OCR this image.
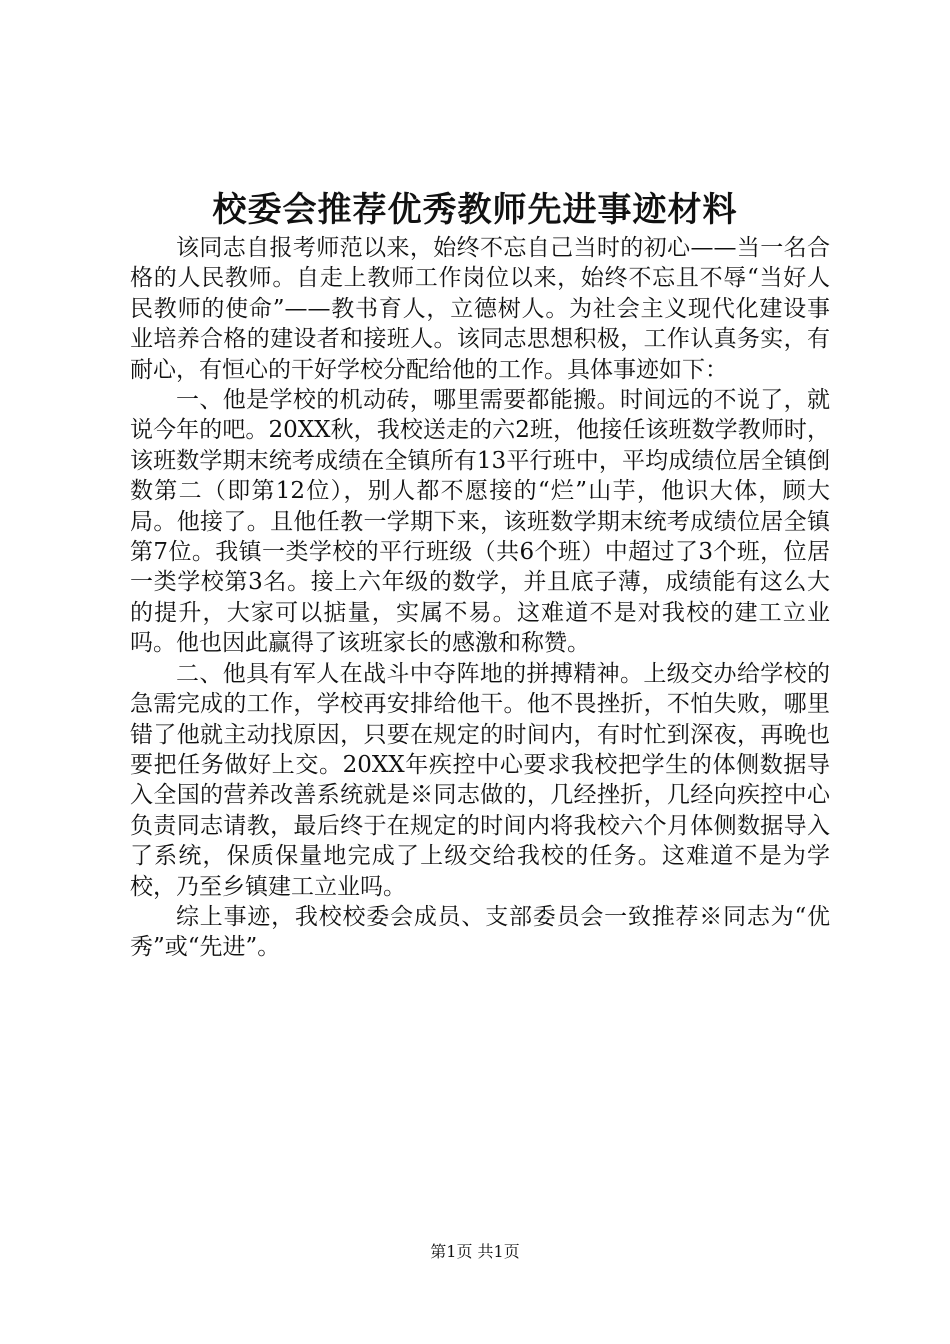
校委会推荐优秀教师先进事迹材料

该同志自报考师范以来，始终不忘自己当时的初心——当一名合格的人民教师。自走上教师工作岗位以来，始终不忘且不辱“当好人民教师的使命”——教书育人，立德树人。为社会主义现代化建设事业培养合格的建设者和接班人。该同志思想积极，工作认真务实，有耐心，有恒心的干好学校分配给他的工作。具体事迹如下：

一、他是学校的机动砖，哪里需要都能搬。时间远的不说了，就说今年的吧。20XX秋，我校送走的六2班，他接任该班数学教师时，该班数学期末统考成绩在全镇所有13平行班中，平均成绩位居全镇倒数第二（即第12位），别人都不愿接的“烂”山芋，他识大体，顾大局。他接了。且他任教一学期下来，该班数学期末统考成绩位居全镇第7位。我镇一类学校的平行班级（共6个班）中超过了3个班，位居一类学校第3名。接上六年级的数学，并且底子薄，成绩能有这么大的提升，大家可以掂量，实属不易。这难道不是对我校的建工立业吗。他也因此赢得了该班家长的感激和称赞。

二、他具有军人在战斗中夺阵地的拼搏精神。上级交办给学校的急需完成的工作，学校再安排给他干。他不畏挫折，不怕失败，哪里错了他就主动找原因，只要在规定的时间内，有时忙到深夜，再晚也要把任务做好上交。20XX年疾控中心要求我校把学生的体侧数据导入全国的营养改善系统就是※同志做的，几经挫折，几经向疾控中心负责同志请教，最后终于在规定的时间内将我校六个月体侧数据导入了系统，保质保量地完成了上级交给我校的任务。这难道不是为学校，乃至乡镇建工立业吗。

综上事迹，我校校委会成员、支部委员会一致推荐※同志为“优秀”或“先进”。

第1页 共1页
